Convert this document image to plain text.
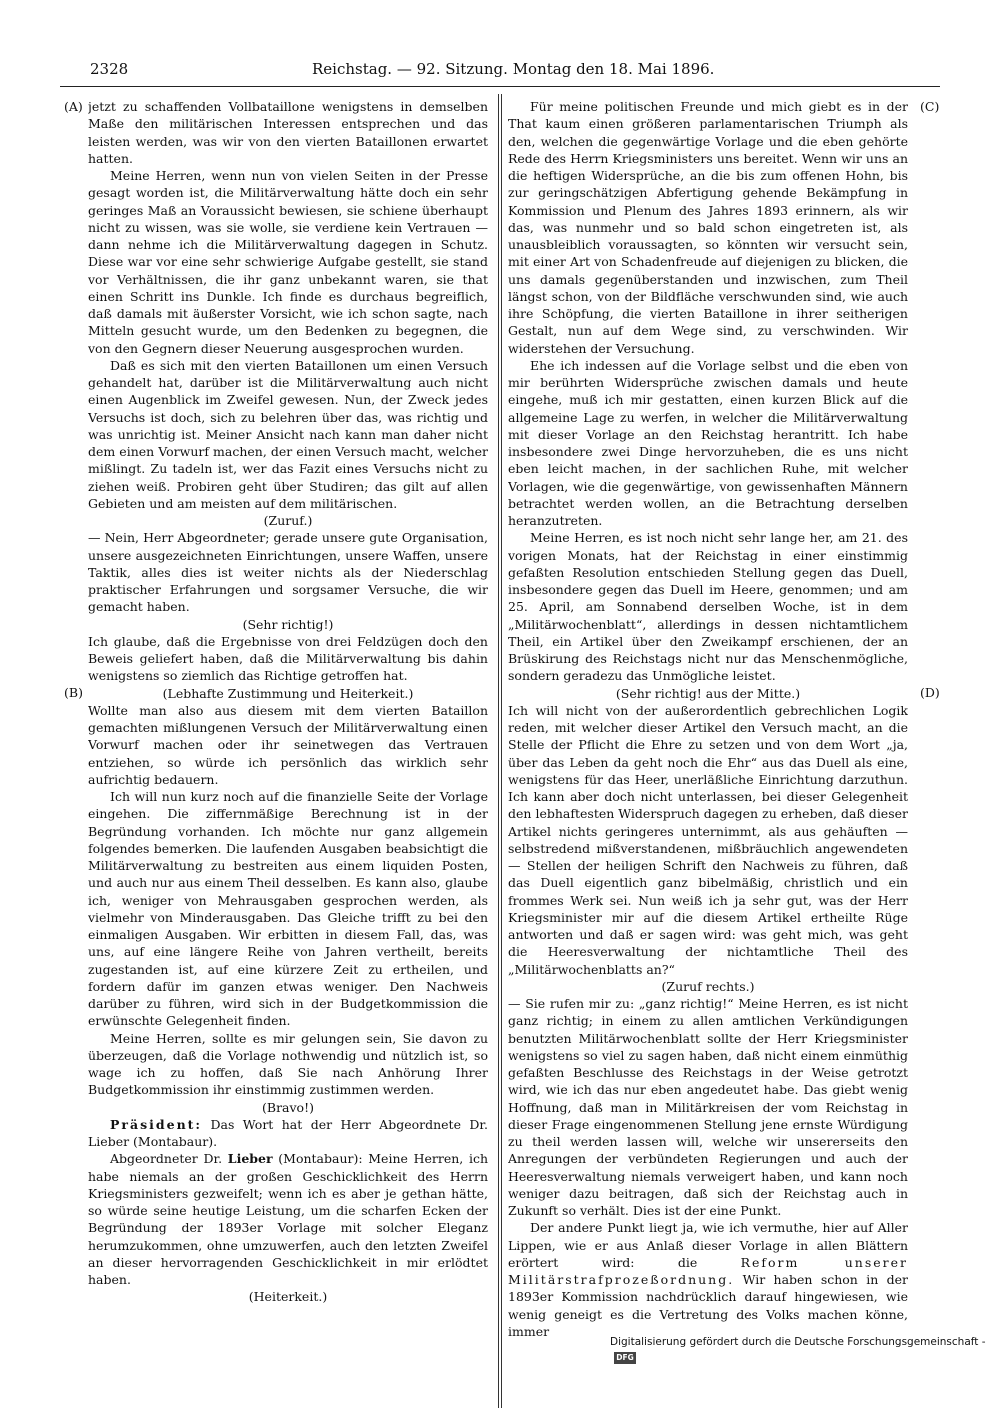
2328	Reichstag. — 92. Sitzung. Montag den 18. Mai 1896.
(A)
(B)
(C)
(D)

jetzt zu schaffenden Vollbataillone wenigstens in demselben Maße den militärischen Interessen entsprechen und das leisten werden, was wir von den vierten Bataillonen erwartet hatten.

Meine Herren, wenn nun von vielen Seiten in der Presse gesagt worden ist, die Militärverwaltung hätte doch ein sehr geringes Maß an Voraussicht bewiesen, sie schiene überhaupt nicht zu wissen, was sie wolle, sie verdiene kein Vertrauen — dann nehme ich die Militärverwaltung dagegen in Schutz. Diese war vor eine sehr schwierige Aufgabe gestellt, sie stand vor Verhältnissen, die ihr ganz unbekannt waren, sie that einen Schritt ins Dunkle. Ich finde es durchaus begreiflich, daß damals mit äußerster Vorsicht, wie ich schon sagte, nach Mitteln gesucht wurde, um den Bedenken zu begegnen, die von den Gegnern dieser Neuerung ausgesprochen wurden.

Daß es sich mit den vierten Bataillonen um einen Versuch gehandelt hat, darüber ist die Militärverwaltung auch nicht einen Augenblick im Zweifel gewesen. Nun, der Zweck jedes Versuchs ist doch, sich zu belehren über das, was richtig und was unrichtig ist. Meiner Ansicht nach kann man daher nicht dem einen Vorwurf machen, der einen Versuch macht, welcher mißlingt. Zu tadeln ist, wer das Fazit eines Versuchs nicht zu ziehen weiß. Probiren geht über Studiren; das gilt auf allen Gebieten und am meisten auf dem militärischen.

(Zuruf.)

— Nein, Herr Abgeordneter; gerade unsere gute Organisation, unsere ausgezeichneten Einrichtungen, unsere Waffen, unsere Taktik, alles dies ist weiter nichts als der Niederschlag praktischer Erfahrungen und sorgsamer Versuche, die wir gemacht haben.

(Sehr richtig!)

Ich glaube, daß die Ergebnisse von drei Feldzügen doch den Beweis geliefert haben, daß die Militärverwaltung bis dahin wenigstens so ziemlich das Richtige getroffen hat.

(Lebhafte Zustimmung und Heiterkeit.)

Wollte man also aus diesem mit dem vierten Bataillon gemachten mißlungenen Versuch der Militärverwaltung einen Vorwurf machen oder ihr seinetwegen das Vertrauen entziehen, so würde ich persönlich das wirklich sehr aufrichtig bedauern.

Ich will nun kurz noch auf die finanzielle Seite der Vorlage eingehen. Die ziffernmäßige Berechnung ist in der Begründung vorhanden. Ich möchte nur ganz allgemein folgendes bemerken. Die laufenden Ausgaben beabsichtigt die Militärverwaltung zu bestreiten aus einem liquiden Posten, und auch nur aus einem Theil desselben. Es kann also, glaube ich, weniger von Mehrausgaben gesprochen werden, als vielmehr von Minderausgaben. Das Gleiche trifft zu bei den einmaligen Ausgaben. Wir erbitten in diesem Fall, das, was uns, auf eine längere Reihe von Jahren vertheilt, bereits zugestanden ist, auf eine kürzere Zeit zu ertheilen, und fordern dafür im ganzen etwas weniger. Den Nachweis darüber zu führen, wird sich in der Budgetkommission die erwünschte Gelegenheit finden.

Meine Herren, sollte es mir gelungen sein, Sie davon zu überzeugen, daß die Vorlage nothwendig und nützlich ist, so wage ich zu hoffen, daß Sie nach Anhörung Ihrer Budgetkommission ihr einstimmig zustimmen werden.

(Bravo!)

Präsident: Das Wort hat der Herr Abgeordnete Dr. Lieber (Montabaur).

Abgeordneter Dr. Lieber (Montabaur): Meine Herren, ich habe niemals an der großen Geschicklichkeit des Herrn Kriegsministers gezweifelt; wenn ich es aber je gethan hätte, so würde seine heutige Leistung, um die scharfen Ecken der Begründung der 1893er Vorlage mit solcher Eleganz herumzukommen, ohne umzuwerfen, auch den letzten Zweifel an dieser hervorragenden Geschicklichkeit in mir erlödtet haben.

(Heiterkeit.)

Für meine politischen Freunde und mich giebt es in der That kaum einen größeren parlamentarischen Triumph als den, welchen die gegenwärtige Vorlage und die eben gehörte Rede des Herrn Kriegsministers uns bereitet. Wenn wir uns an die heftigen Widersprüche, an die bis zum offenen Hohn, bis zur geringschätzigen Abfertigung gehende Bekämpfung in Kommission und Plenum des Jahres 1893 erinnern, als wir das, was nunmehr und so bald schon eingetreten ist, als unausbleiblich voraussagten, so könnten wir versucht sein, mit einer Art von Schadenfreude auf diejenigen zu blicken, die uns damals gegenüberstanden und inzwischen, zum Theil längst schon, von der Bildfläche verschwunden sind, wie auch ihre Schöpfung, die vierten Bataillone in ihrer seitherigen Gestalt, nun auf dem Wege sind, zu verschwinden. Wir widerstehen der Versuchung.

Ehe ich indessen auf die Vorlage selbst und die eben von mir berührten Widersprüche zwischen damals und heute eingehe, muß ich mir gestatten, einen kurzen Blick auf die allgemeine Lage zu werfen, in welcher die Militärverwaltung mit dieser Vorlage an den Reichstag herantritt. Ich habe insbesondere zwei Dinge hervorzuheben, die es uns nicht eben leicht machen, in der sachlichen Ruhe, mit welcher Vorlagen, wie die gegenwärtige, von gewissenhaften Männern betrachtet werden wollen, an die Betrachtung derselben heranzutreten.

Meine Herren, es ist noch nicht sehr lange her, am 21. des vorigen Monats, hat der Reichstag in einer einstimmig gefaßten Resolution entschieden Stellung gegen das Duell, insbesondere gegen das Duell im Heere, genommen; und am 25. April, am Sonnabend derselben Woche, ist in dem „Militärwochenblatt“, allerdings in dessen nichtamtlichem Theil, ein Artikel über den Zweikampf erschienen, der an Brüskirung des Reichstags nicht nur das Menschenmögliche, sondern geradezu das Unmögliche leistet.

(Sehr richtig! aus der Mitte.)

Ich will nicht von der außerordentlich gebrechlichen Logik reden, mit welcher dieser Artikel den Versuch macht, an die Stelle der Pflicht die Ehre zu setzen und von dem Wort „ja, über das Leben da geht noch die Ehr“ aus das Duell als eine, wenigstens für das Heer, unerläßliche Einrichtung darzuthun. Ich kann aber doch nicht unterlassen, bei dieser Gelegenheit den lebhaftesten Widerspruch dagegen zu erheben, daß dieser Artikel nichts geringeres unternimmt, als aus gehäuften — selbstredend mißverstandenen, mißbräuchlich angewendeten — Stellen der heiligen Schrift den Nachweis zu führen, daß das Duell eigentlich ganz bibelmäßig, christlich und ein frommes Werk sei. Nun weiß ich ja sehr gut, was der Herr Kriegsminister mir auf die diesem Artikel ertheilte Rüge antworten und daß er sagen wird: was geht mich, was geht die Heeresverwaltung der nichtamtliche Theil des „Militärwochenblatts an?“

(Zuruf rechts.)

— Sie rufen mir zu: „ganz richtig!“ Meine Herren, es ist nicht ganz richtig; in einem zu allen amtlichen Verkündigungen benutzten Militärwochenblatt sollte der Herr Kriegsminister wenigstens so viel zu sagen haben, daß nicht einem einmüthig gefaßten Beschlusse des Reichstags in der Weise getrotzt wird, wie ich das nur eben angedeutet habe. Das giebt wenig Hoffnung, daß man in Militärkreisen der vom Reichstag in dieser Frage eingenommenen Stellung jene ernste Würdigung zu theil werden lassen will, welche wir unsererseits den Anregungen der verbündeten Regierungen und auch der Heeresverwaltung niemals verweigert haben, und kann noch weniger dazu beitragen, daß sich der Reichstag auch in Zukunft so verhält. Dies ist der eine Punkt.

Der andere Punkt liegt ja, wie ich vermuthe, hier auf Aller Lippen, wie er aus Anlaß dieser Vorlage in allen Blättern erörtert wird: die	Reform unserer Militärstrafprozeßordnung. Wir haben schon in der 1893er Kommission nachdrücklich darauf hingewiesen, wie wenig geneigt es die Vertretung des Volks machen könne, immer

Digitalisierung gefördert durch die Deutsche Forschungsgemeinschaft - DFG
